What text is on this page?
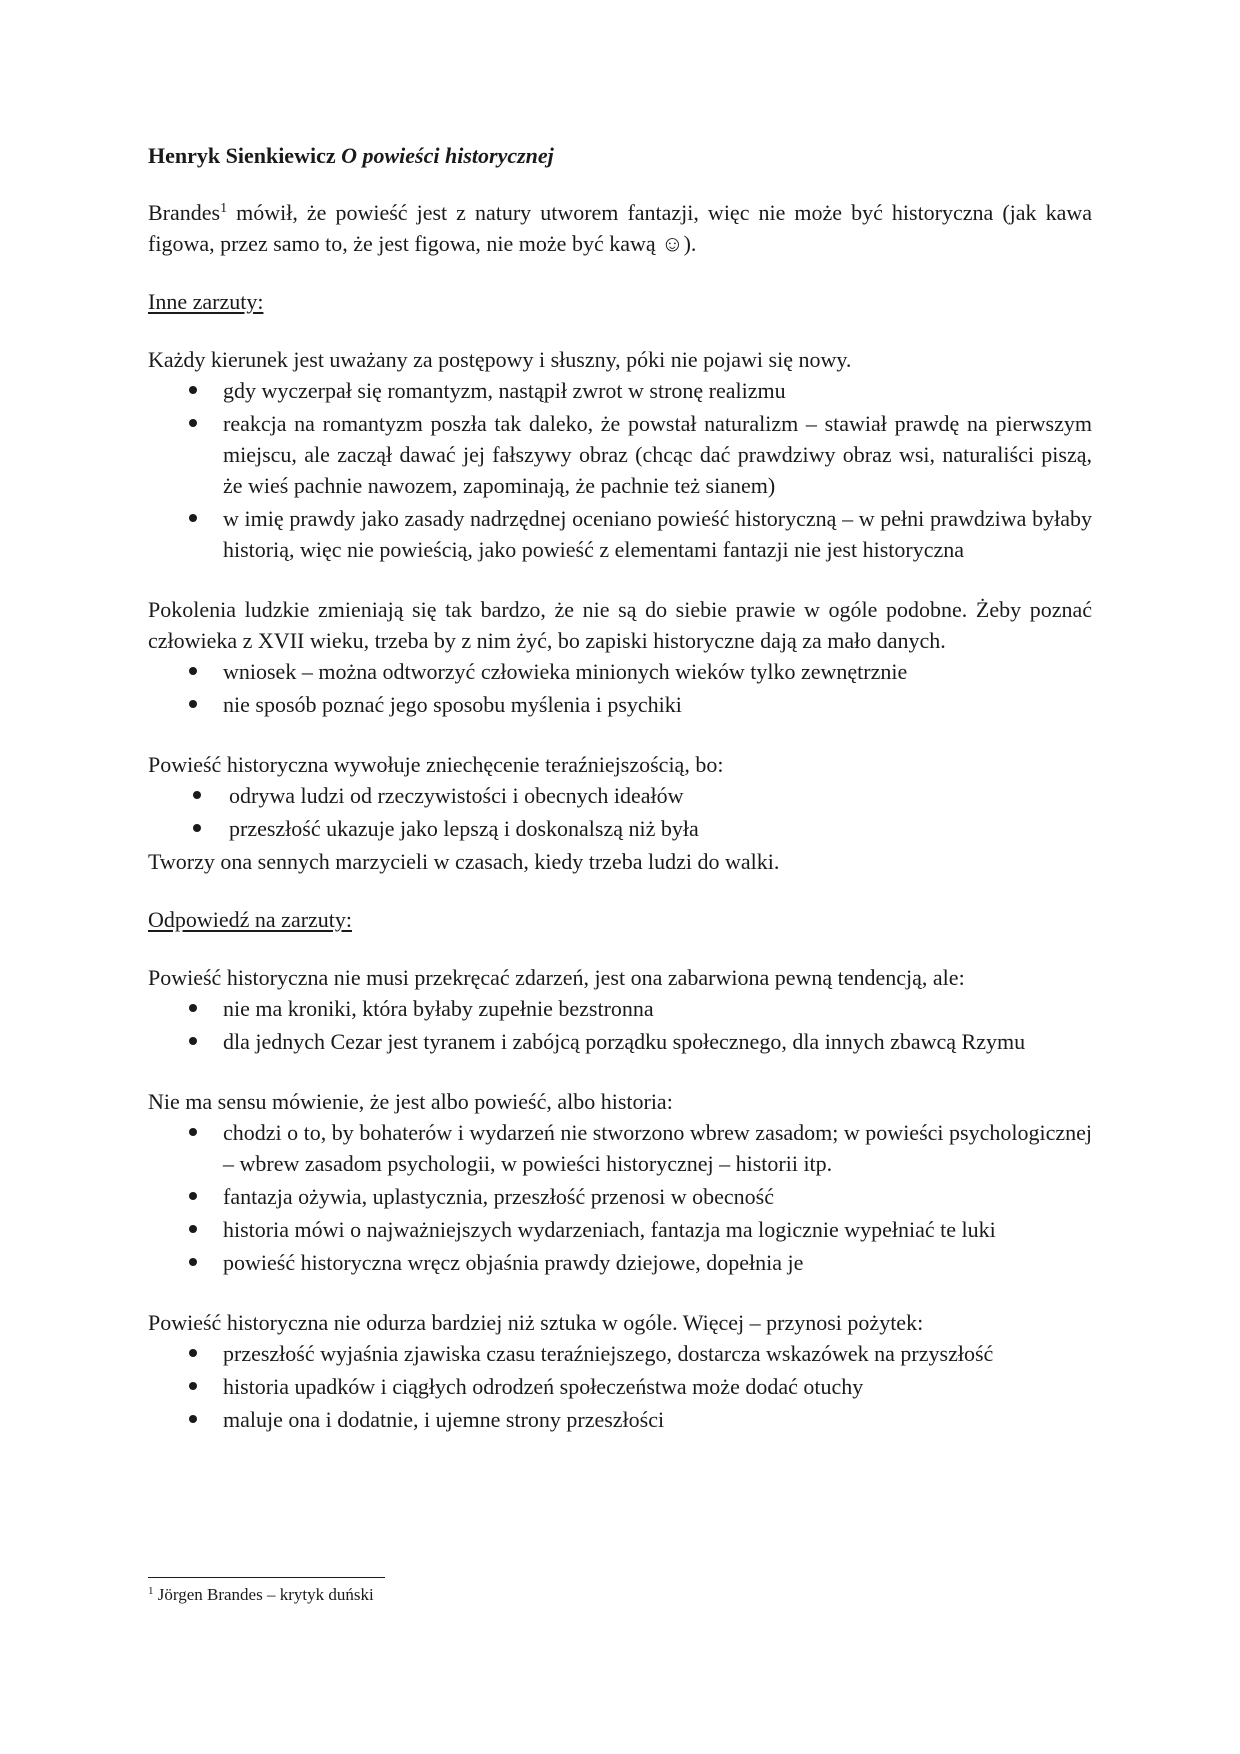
Henryk Sienkiewicz O powieści historycznej

Brandes$^1$ mówił, że powieść jest z natury utworem fantazji, więc nie może być historyczna (jak kawa figowa, przez samo to, że jest figowa, nie może być kawą ☺).

Inne zarzuty:

Każdy kierunek jest uważany za postępowy i słuszny, póki nie pojawi się nowy.

gdy wyczerpał się romantyzm, nastąpił zwrot w stronę realizmu
reakcja na romantyzm poszła tak daleko, że powstał naturalizm – stawiał prawdę na pierwszym miejscu, ale zaczął dawać jej fałszywy obraz (chcąc dać prawdziwy obraz wsi, naturaliści piszą, że wieś pachnie nawozem, zapominają, że pachnie też sianem)
w imię prawdy jako zasady nadrzędnej oceniano powieść historyczną – w pełni prawdziwa byłaby historią, więc nie powieścią, jako powieść z elementami fantazji nie jest historyczna

Pokolenia ludzkie zmieniają się tak bardzo, że nie są do siebie prawie w ogóle podobne. Żeby poznać człowieka z XVII wieku, trzeba by z nim żyć, bo zapiski historyczne dają za mało danych.

wniosek – można odtworzyć człowieka minionych wieków tylko zewnętrznie
nie sposób poznać jego sposobu myślenia i psychiki

Powieść historyczna wywołuje zniechęcenie teraźniejszością, bo:

odrywa ludzi od rzeczywistości i obecnych ideałów
przeszłość ukazuje jako lepszą i doskonalszą niż była

Tworzy ona sennych marzycieli w czasach, kiedy trzeba ludzi do walki.

Odpowiedź na zarzuty:

Powieść historyczna nie musi przekręcać zdarzeń, jest ona zabarwiona pewną tendencją, ale:

nie ma kroniki, która byłaby zupełnie bezstronna
dla jednych Cezar jest tyranem i zabójcą porządku społecznego, dla innych zbawcą Rzymu

Nie ma sensu mówienie, że jest albo powieść, albo historia:

chodzi o to, by bohaterów i wydarzeń nie stworzono wbrew zasadom; w powieści psychologicznej – wbrew zasadom psychologii, w powieści historycznej – historii itp.
fantazja ożywia, uplastycznia, przeszłość przenosi w obecność
historia mówi o najważniejszych wydarzeniach, fantazja ma logicznie wypełniać te luki
powieść historyczna wręcz objaśnia prawdy dziejowe, dopełnia je

Powieść historyczna nie odurza bardziej niż sztuka w ogóle. Więcej – przynosi pożytek:

przeszłość wyjaśnia zjawiska czasu teraźniejszego, dostarcza wskazówek na przyszłość
historia upadków i ciągłych odrodzeń społeczeństwa może dodać otuchy
maluje ona i dodatnie, i ujemne strony przeszłości
$^1$ Jörgen Brandes – krytyk duński
